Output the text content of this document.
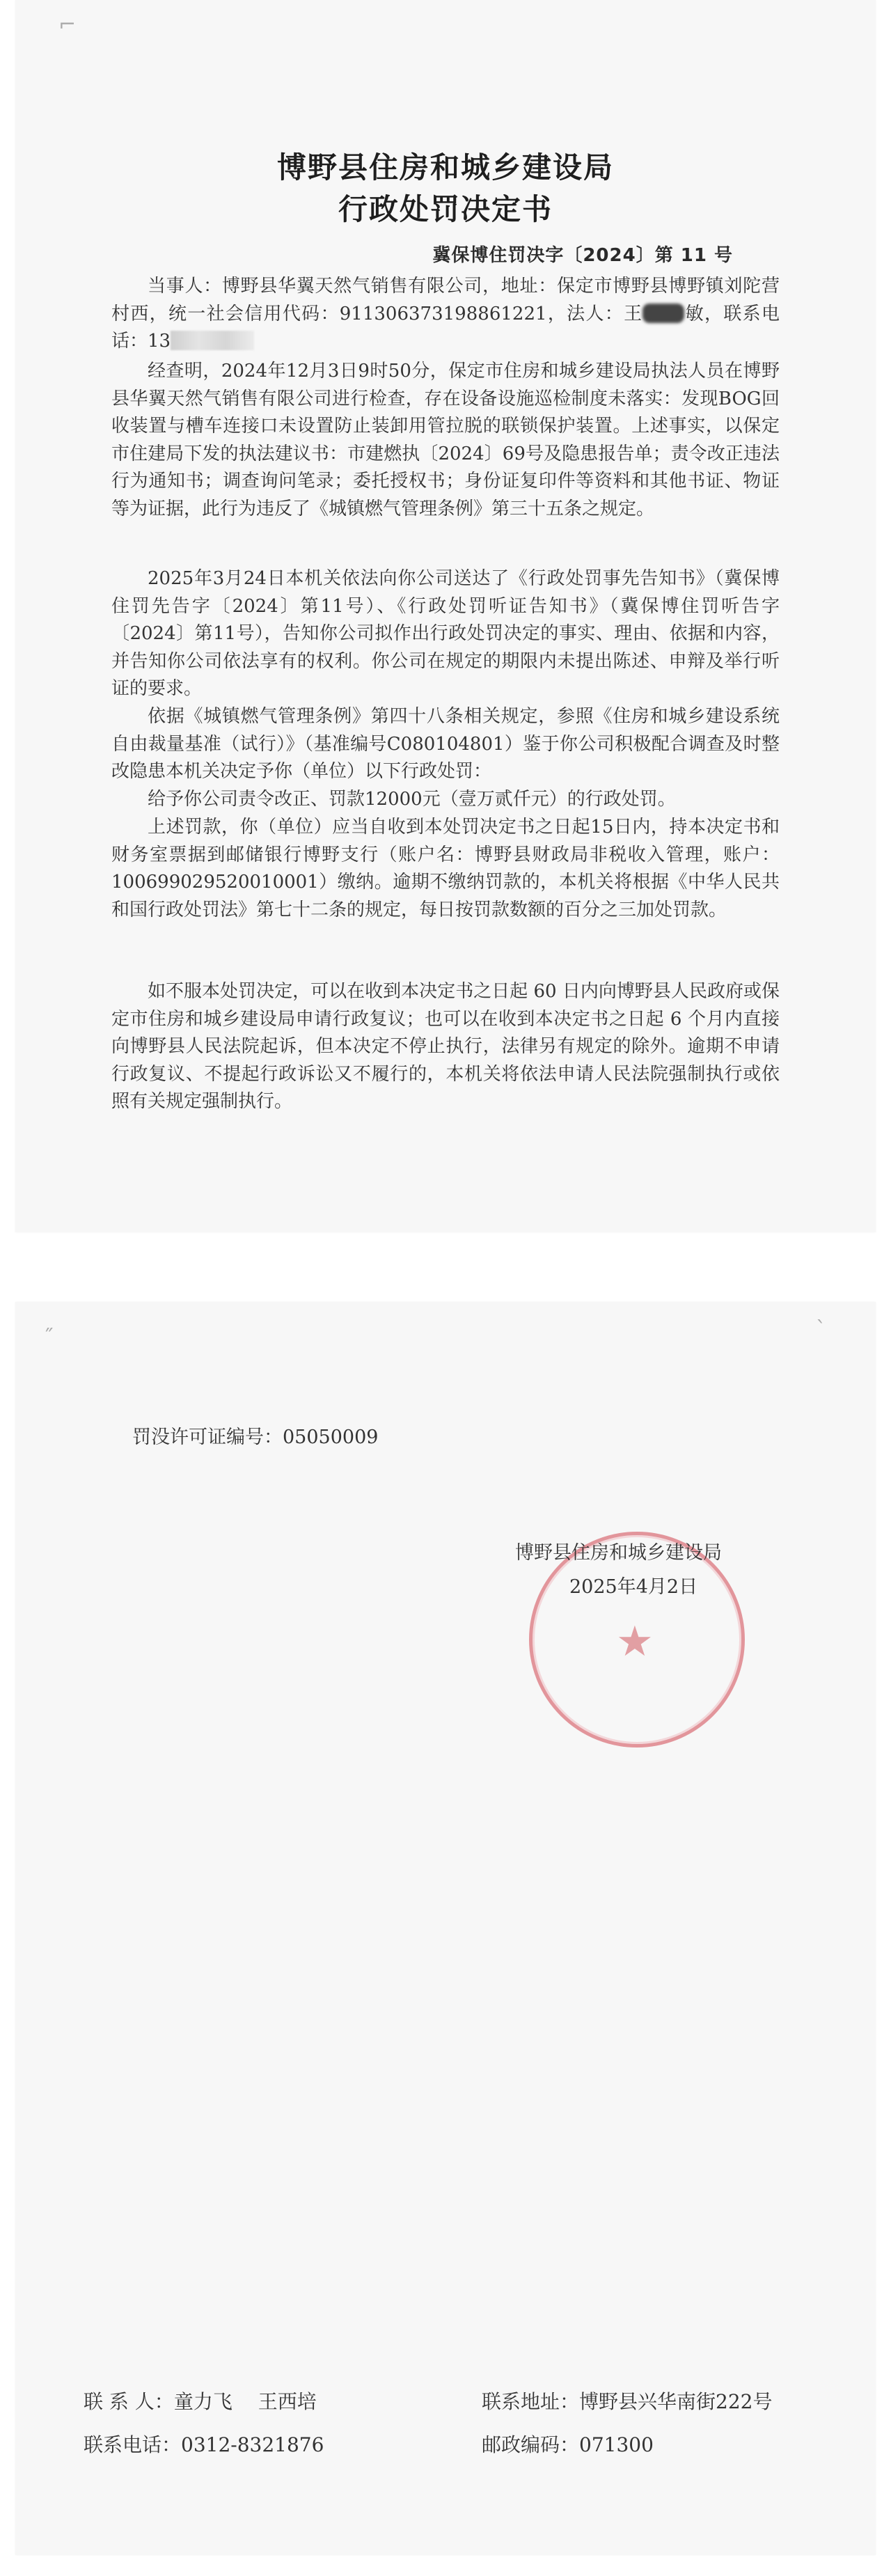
⌐
博野县住房和城乡建设局
行政处罚决定书
冀保博住罚决字〔2024〕第 11 号

当事人：博野县华翼天然气销售有限公司，地址：保定市博野县博野镇刘陀营村西，统一社会信用代码：91130637319886​1221，法人：王 敏，联系电话：13

经查明，2024年12月3日9时50分，保定市住房和城乡建设局执法人员在博野县华翼天然气销售有限公司进行检查，存在设备设施巡检制度未落实：发现BOG回收装置与槽车连接口未设置防止装卸用管拉脱的联锁保护装置。上述事实，以保定市住建局下发的执法建议书：市建燃执〔2024〕69号及隐患报告单；责令改正违法行为通知书；调查询问笔录；委托授权书；身份证复印件等资料和其他书证、物证等为证据，此行为违反了《城镇燃气管理条例》第三十五条之规定。

2025年3月24日本机关依法向你公司送达了《行政处罚事先告知书》（冀保博住罚先告字〔2024〕第11号）、《行政处罚听证告知书》（冀保博住罚听告字〔2024〕第11号），告知你公司拟作出行政处罚决定的事实、理由、依据和内容，并告知你公司依法享有的权利。你公司在规定的期限内未提出陈述、申辩及举行听证的要求。

依据《城镇燃气管理条例》第四十八条相关规定，参照《住房和城乡建设系统自由裁量基准（试行）》（基准编号C080104801）鉴于你公司积极配合调查及时整改隐患本机关决定予你（单位）以下行政处罚：

给予你公司责令改正、罚款12000元（壹万贰仟元）的行政处罚。

上述罚款，你（单位）应当自收到本处罚决定书之日起15日内，持本决定书和财务室票据到邮储银行博野支行（账户名：博野县财政局非税收入管理，账户：100699029520010001）缴纳。逾期不缴纳罚款的，本机关将根据《中华人民共和国行政处罚法》第七十二条的规定，每日按罚款数额的百分之三加处罚款。

如不服本处罚决定，可以在收到本决定书之日起 60 日内向博野县人民政府或保定市住房和城乡建设局申请行政复议；也可以在收到本决定书之日起 6 个月内直接向博野县人民法院起诉，但本决定不停止执行，法律另有规定的除外。逾期不申请行政复议、不提起行政诉讼又不履行的，本机关将依法申请人民法院强制执行或依照有关规定强制执行。

˝	ˋ
罚没许可证编号：05050009
★
博野县住房和城乡建设局
2025年4月2日
联 系 人：童力飞　 王西培	联系地址：博野县兴华南街222号
联系电话：0312-8321876	邮政编码：071300
